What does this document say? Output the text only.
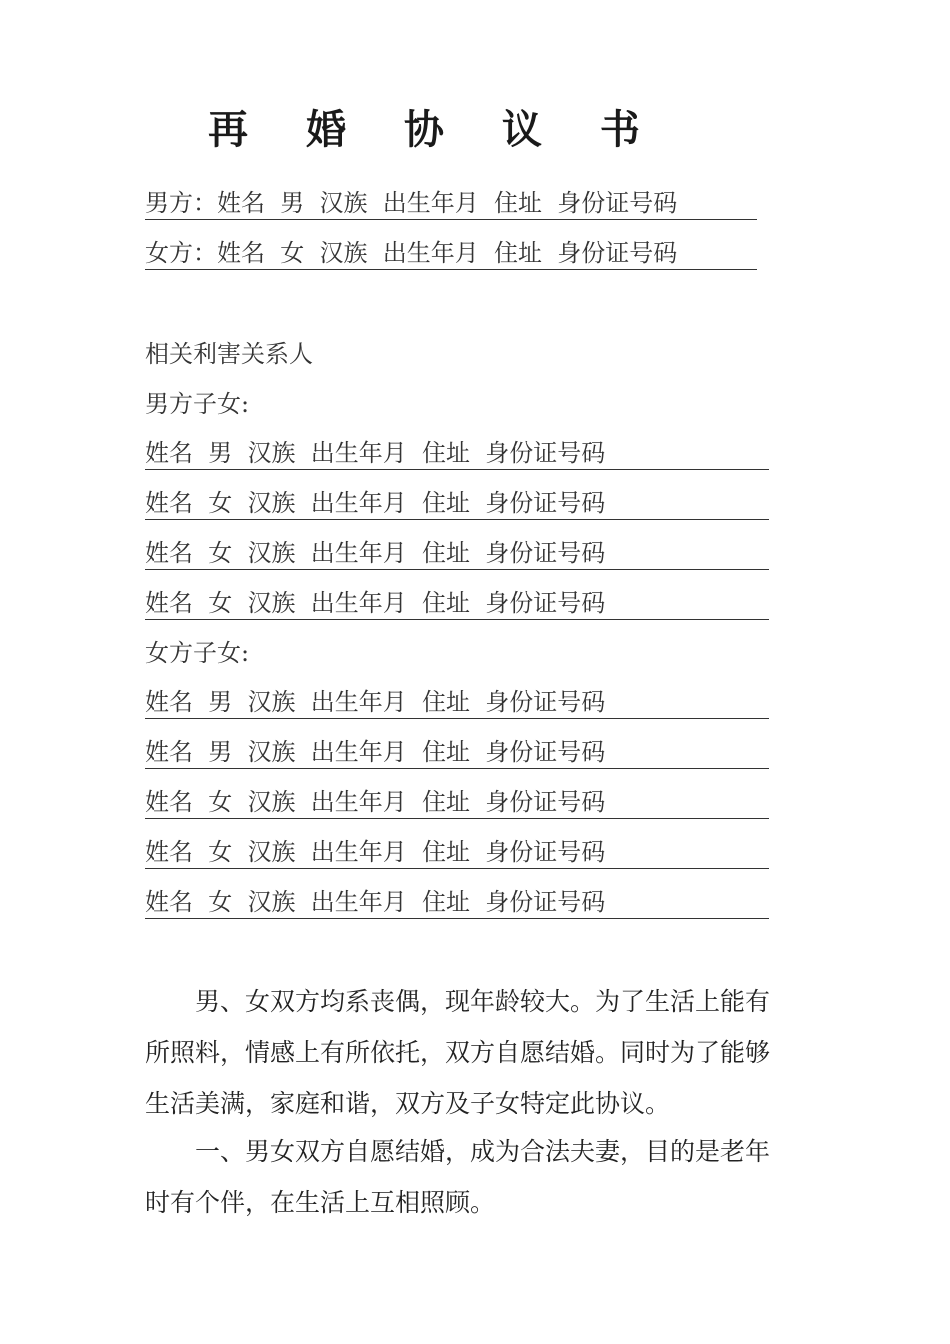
再 婚 协 议 书
男方：姓名  男  汉族  出生年月  住址  身份证号码
女方：姓名  女  汉族  出生年月  住址  身份证号码
相关利害关系人
男方子女:
姓名  男  汉族  出生年月  住址  身份证号码
姓名  女  汉族  出生年月  住址  身份证号码
姓名  女  汉族  出生年月  住址  身份证号码
姓名  女  汉族  出生年月  住址  身份证号码
女方子女:
姓名  男  汉族  出生年月  住址  身份证号码
姓名  男  汉族  出生年月  住址  身份证号码
姓名  女  汉族  出生年月  住址  身份证号码
姓名  女  汉族  出生年月  住址  身份证号码
姓名  女  汉族  出生年月  住址  身份证号码

男、女双方均系丧偶，现年龄较大。为了生活上能有所照料，情感上有所依托，双方自愿结婚。同时为了能够生活美满，家庭和谐，双方及子女特定此协议。

一、男女双方自愿结婚，成为合法夫妻，目的是老年时有个伴，在生活上互相照顾。
